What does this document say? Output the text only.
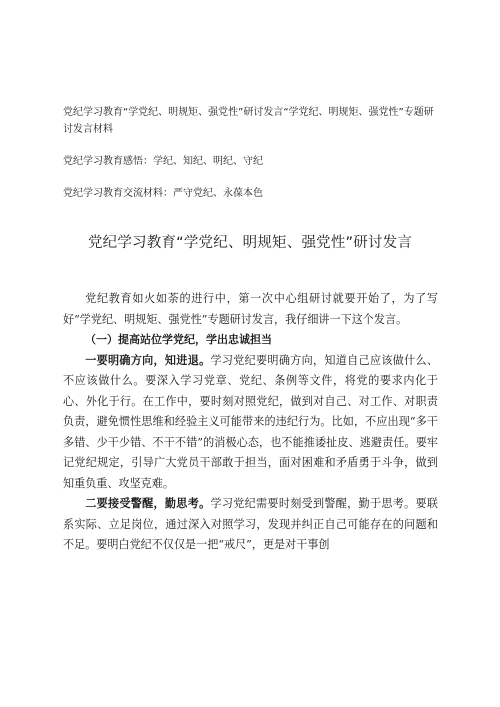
党纪学习教育“学党纪、明规矩、强党性”研讨发言“学党纪、明规矩、强党性”专题研讨发言材料

党纪学习教育感悟：学纪、知纪、明纪、守纪

党纪学习教育交流材料：严守党纪、永葆本色

党纪学习教育“学党纪、明规矩、强党性”研讨发言

党纪教育如火如荼的进行中，第一次中心组研讨就要开始了，为了写好“学党纪、明规矩、强党性”专题研讨发言，我仔细讲一下这个发言。

（一）提高站位学党纪，学出忠诚担当

一要明确方向，知进退。学习党纪要明确方向，知道自己应该做什么、不应该做什么。要深入学习党章、党纪、条例等文件，将党的要求内化于心、外化于行。在工作中，要时刻对照党纪，做到对自己、对工作、对职责负责，避免惯性思维和经验主义可能带来的违纪行为。比如，不应出现“多干多错、少干少错、不干不错”的消极心态，也不能推诿扯皮、逃避责任。要牢记党纪规定，引导广大党员干部敢于担当，面对困难和矛盾勇于斗争，做到知重负重、攻坚克难。

二要接受警醒，勤思考。学习党纪需要时刻受到警醒，勤于思考。要联系实际、立足岗位，通过深入对照学习，发现并纠正自己可能存在的问题和不足。要明白党纪不仅仅是一把“戒尺”，更是对干事创
